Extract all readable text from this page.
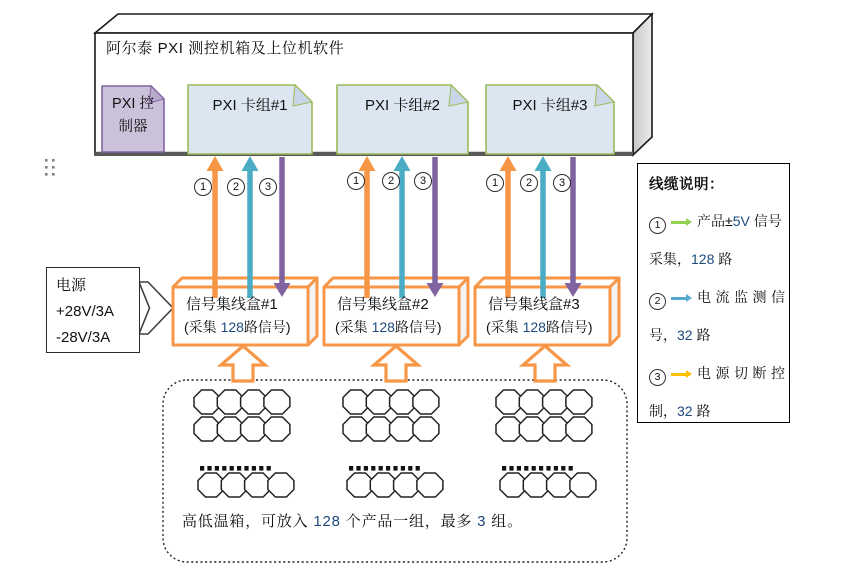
阿尔泰 PXI 测控机箱及上位机软件
PXI 控
制器
PXI 卡组#1	PXI 卡组#2	PXI 卡组#3
信号集线盒#1
(采集 128路信号)
信号集线盒#2
(采集 128路信号)
信号集线盒#3
(采集 128路信号)
电源
+28V/3A
-28V/3A
1	2	3	1	2	3	1	2	3	线缆说明：
1	产品±5V 信号
采集，128 路
2	电流监测信
号，32 路
3	电源切断控
制，32 路
高低温箱，可放入 128 个产品一组，最多 3 组。
